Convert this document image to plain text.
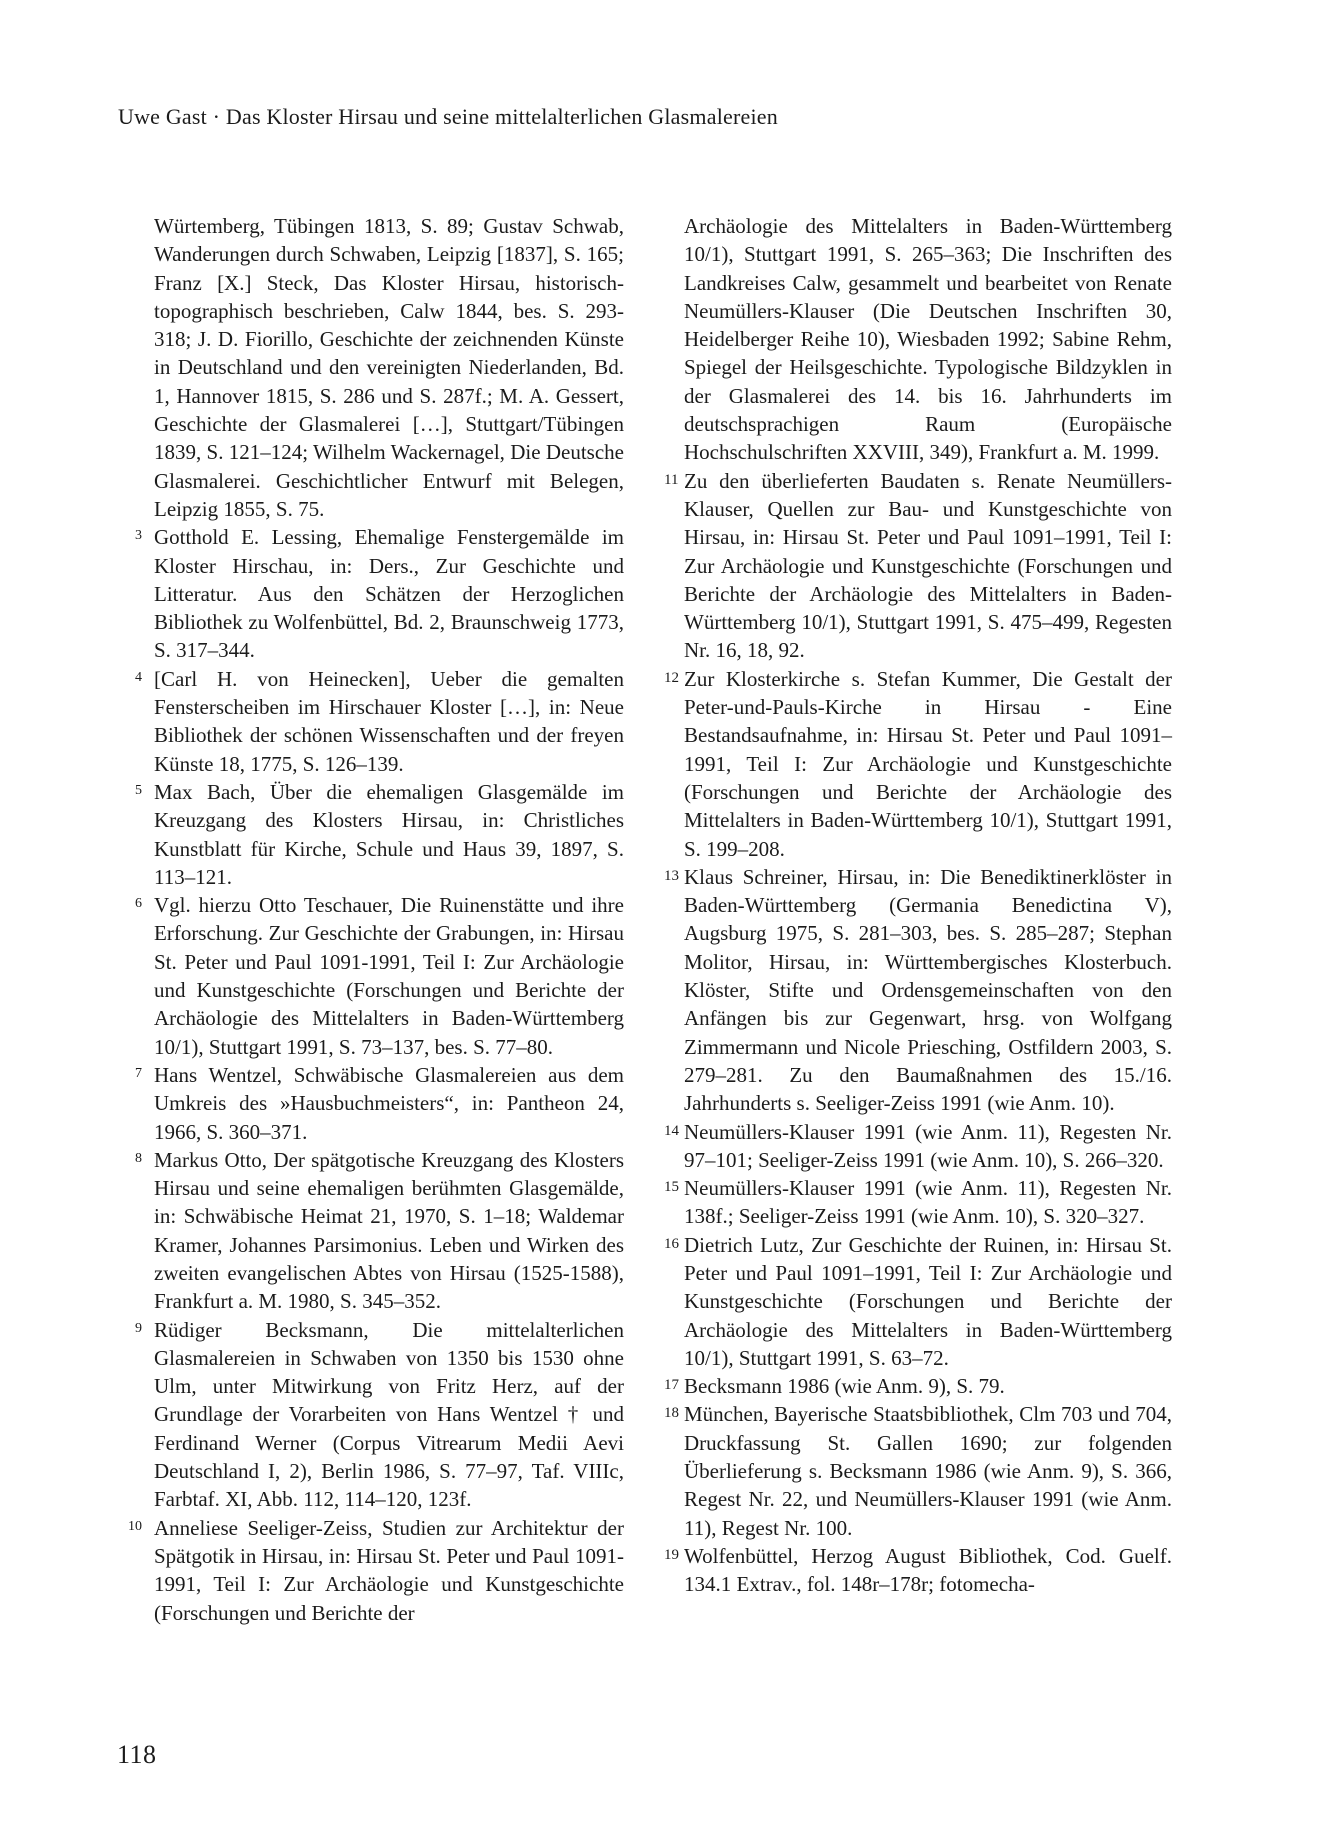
Uwe Gast · Das Kloster Hirsau und seine mittelalterlichen Glasmalereien

Würtemberg, Tübingen 1813, S. 89; Gustav Schwab, Wanderungen durch Schwaben, Leipzig [1837], S. 165; Franz [X.] Steck, Das Kloster Hirsau, historisch-topographisch beschrieben, Calw 1844, bes. S. 293-318; J. D. Fiorillo, Geschichte der zeichnenden Künste in Deutschland und den vereinigten Niederlanden, Bd. 1, Hannover 1815, S. 286 und S. 287f.; M. A. Gessert, Geschichte der Glasmalerei […], Stuttgart/Tübingen 1839, S. 121–124; Wilhelm Wackernagel, Die Deutsche Glasmalerei. Geschichtlicher Entwurf mit Belegen, Leipzig 1855, S. 75.

3 Gotthold E. Lessing, Ehemalige Fenstergemälde im Kloster Hirschau, in: Ders., Zur Geschichte und Litteratur. Aus den Schätzen der Herzoglichen Bibliothek zu Wolfenbüttel, Bd. 2, Braunschweig 1773, S. 317–344.
4 [Carl H. von Heinecken], Ueber die gemalten Fensterscheiben im Hirschauer Kloster […], in: Neue Bibliothek der schönen Wissenschaften und der freyen Künste 18, 1775, S. 126–139.
5 Max Bach, Über die ehemaligen Glasgemälde im Kreuzgang des Klosters Hirsau, in: Christliches Kunstblatt für Kirche, Schule und Haus 39, 1897, S. 113–121.
6 Vgl. hierzu Otto Teschauer, Die Ruinenstätte und ihre Erforschung. Zur Geschichte der Grabungen, in: Hirsau St. Peter und Paul 1091-1991, Teil I: Zur Archäologie und Kunstgeschichte (Forschungen und Berichte der Archäologie des Mittelalters in Baden-Württemberg 10/1), Stuttgart 1991, S. 73–137, bes. S. 77–80.
7 Hans Wentzel, Schwäbische Glasmalereien aus dem Umkreis des »Hausbuchmeisters“, in: Pantheon 24, 1966, S. 360–371.
8 Markus Otto, Der spätgotische Kreuzgang des Klosters Hirsau und seine ehemaligen berühmten Glasgemälde, in: Schwäbische Heimat 21, 1970, S. 1–18; Waldemar Kramer, Johannes Parsimonius. Leben und Wirken des zweiten evangelischen Abtes von Hirsau (1525-1588), Frankfurt a. M. 1980, S. 345–352.
9 Rüdiger Becksmann, Die mittelalterlichen Glasmalereien in Schwaben von 1350 bis 1530 ohne Ulm, unter Mitwirkung von Fritz Herz, auf der Grundlage der Vorarbeiten von Hans Wentzel † und Ferdinand Werner (Corpus Vitrearum Medii Aevi Deutschland I, 2), Berlin 1986, S. 77–97, Taf. VIIIc, Farbtaf. XI, Abb. 112, 114–120, 123f.
10 Anneliese Seeliger-Zeiss, Studien zur Architektur der Spätgotik in Hirsau, in: Hirsau St. Peter und Paul 1091-1991, Teil I: Zur Archäologie und Kunstgeschichte (Forschungen und Berichte der

Archäologie des Mittelalters in Baden-Württemberg 10/1), Stuttgart 1991, S. 265–363; Die Inschriften des Landkreises Calw, gesammelt und bearbeitet von Renate Neumüllers-Klauser (Die Deutschen Inschriften 30, Heidelberger Reihe 10), Wiesbaden 1992; Sabine Rehm, Spiegel der Heilsgeschichte. Typologische Bildzyklen in der Glasmalerei des 14. bis 16. Jahrhunderts im deutschsprachigen Raum (Europäische Hochschulschriften XXVIII, 349), Frankfurt a. M. 1999.

11 Zu den überlieferten Baudaten s. Renate Neumüllers-Klauser, Quellen zur Bau- und Kunstgeschichte von Hirsau, in: Hirsau St. Peter und Paul 1091–1991, Teil I: Zur Archäologie und Kunstgeschichte (Forschungen und Berichte der Archäologie des Mittelalters in Baden-Württemberg 10/1), Stuttgart 1991, S. 475–499, Regesten Nr. 16, 18, 92.
12 Zur Klosterkirche s. Stefan Kummer, Die Gestalt der Peter-und-Pauls-Kirche in Hirsau - Eine Bestandsaufnahme, in: Hirsau St. Peter und Paul 1091–1991, Teil I: Zur Archäologie und Kunstgeschichte (Forschungen und Berichte der Archäologie des Mittelalters in Baden-Württemberg 10/1), Stuttgart 1991, S. 199–208.
13 Klaus Schreiner, Hirsau, in: Die Benediktinerklöster in Baden-Württemberg (Germania Benedictina V), Augsburg 1975, S. 281–303, bes. S. 285–287; Stephan Molitor, Hirsau, in: Württembergisches Klosterbuch. Klöster, Stifte und Ordensgemeinschaften von den Anfängen bis zur Gegenwart, hrsg. von Wolfgang Zimmermann und Nicole Priesching, Ostfildern 2003, S. 279–281. Zu den Baumaßnahmen des 15./16. Jahrhunderts s. Seeliger-Zeiss 1991 (wie Anm. 10).
14 Neumüllers-Klauser 1991 (wie Anm. 11), Regesten Nr. 97–101; Seeliger-Zeiss 1991 (wie Anm. 10), S. 266–320.
15 Neumüllers-Klauser 1991 (wie Anm. 11), Regesten Nr. 138f.; Seeliger-Zeiss 1991 (wie Anm. 10), S. 320–327.
16 Dietrich Lutz, Zur Geschichte der Ruinen, in: Hirsau St. Peter und Paul 1091–1991, Teil I: Zur Archäologie und Kunstgeschichte (Forschungen und Berichte der Archäologie des Mittelalters in Baden-Württemberg 10/1), Stuttgart 1991, S. 63–72.
17 Becksmann 1986 (wie Anm. 9), S. 79.
18 München, Bayerische Staatsbibliothek, Clm 703 und 704, Druckfassung St. Gallen 1690; zur folgenden Überlieferung s. Becksmann 1986 (wie Anm. 9), S. 366, Regest Nr. 22, und Neumüllers-Klauser 1991 (wie Anm. 11), Regest Nr. 100.
19 Wolfenbüttel, Herzog August Bibliothek, Cod. Guelf. 134.1 Extrav., fol. 148r–178r; fotomecha-
118
